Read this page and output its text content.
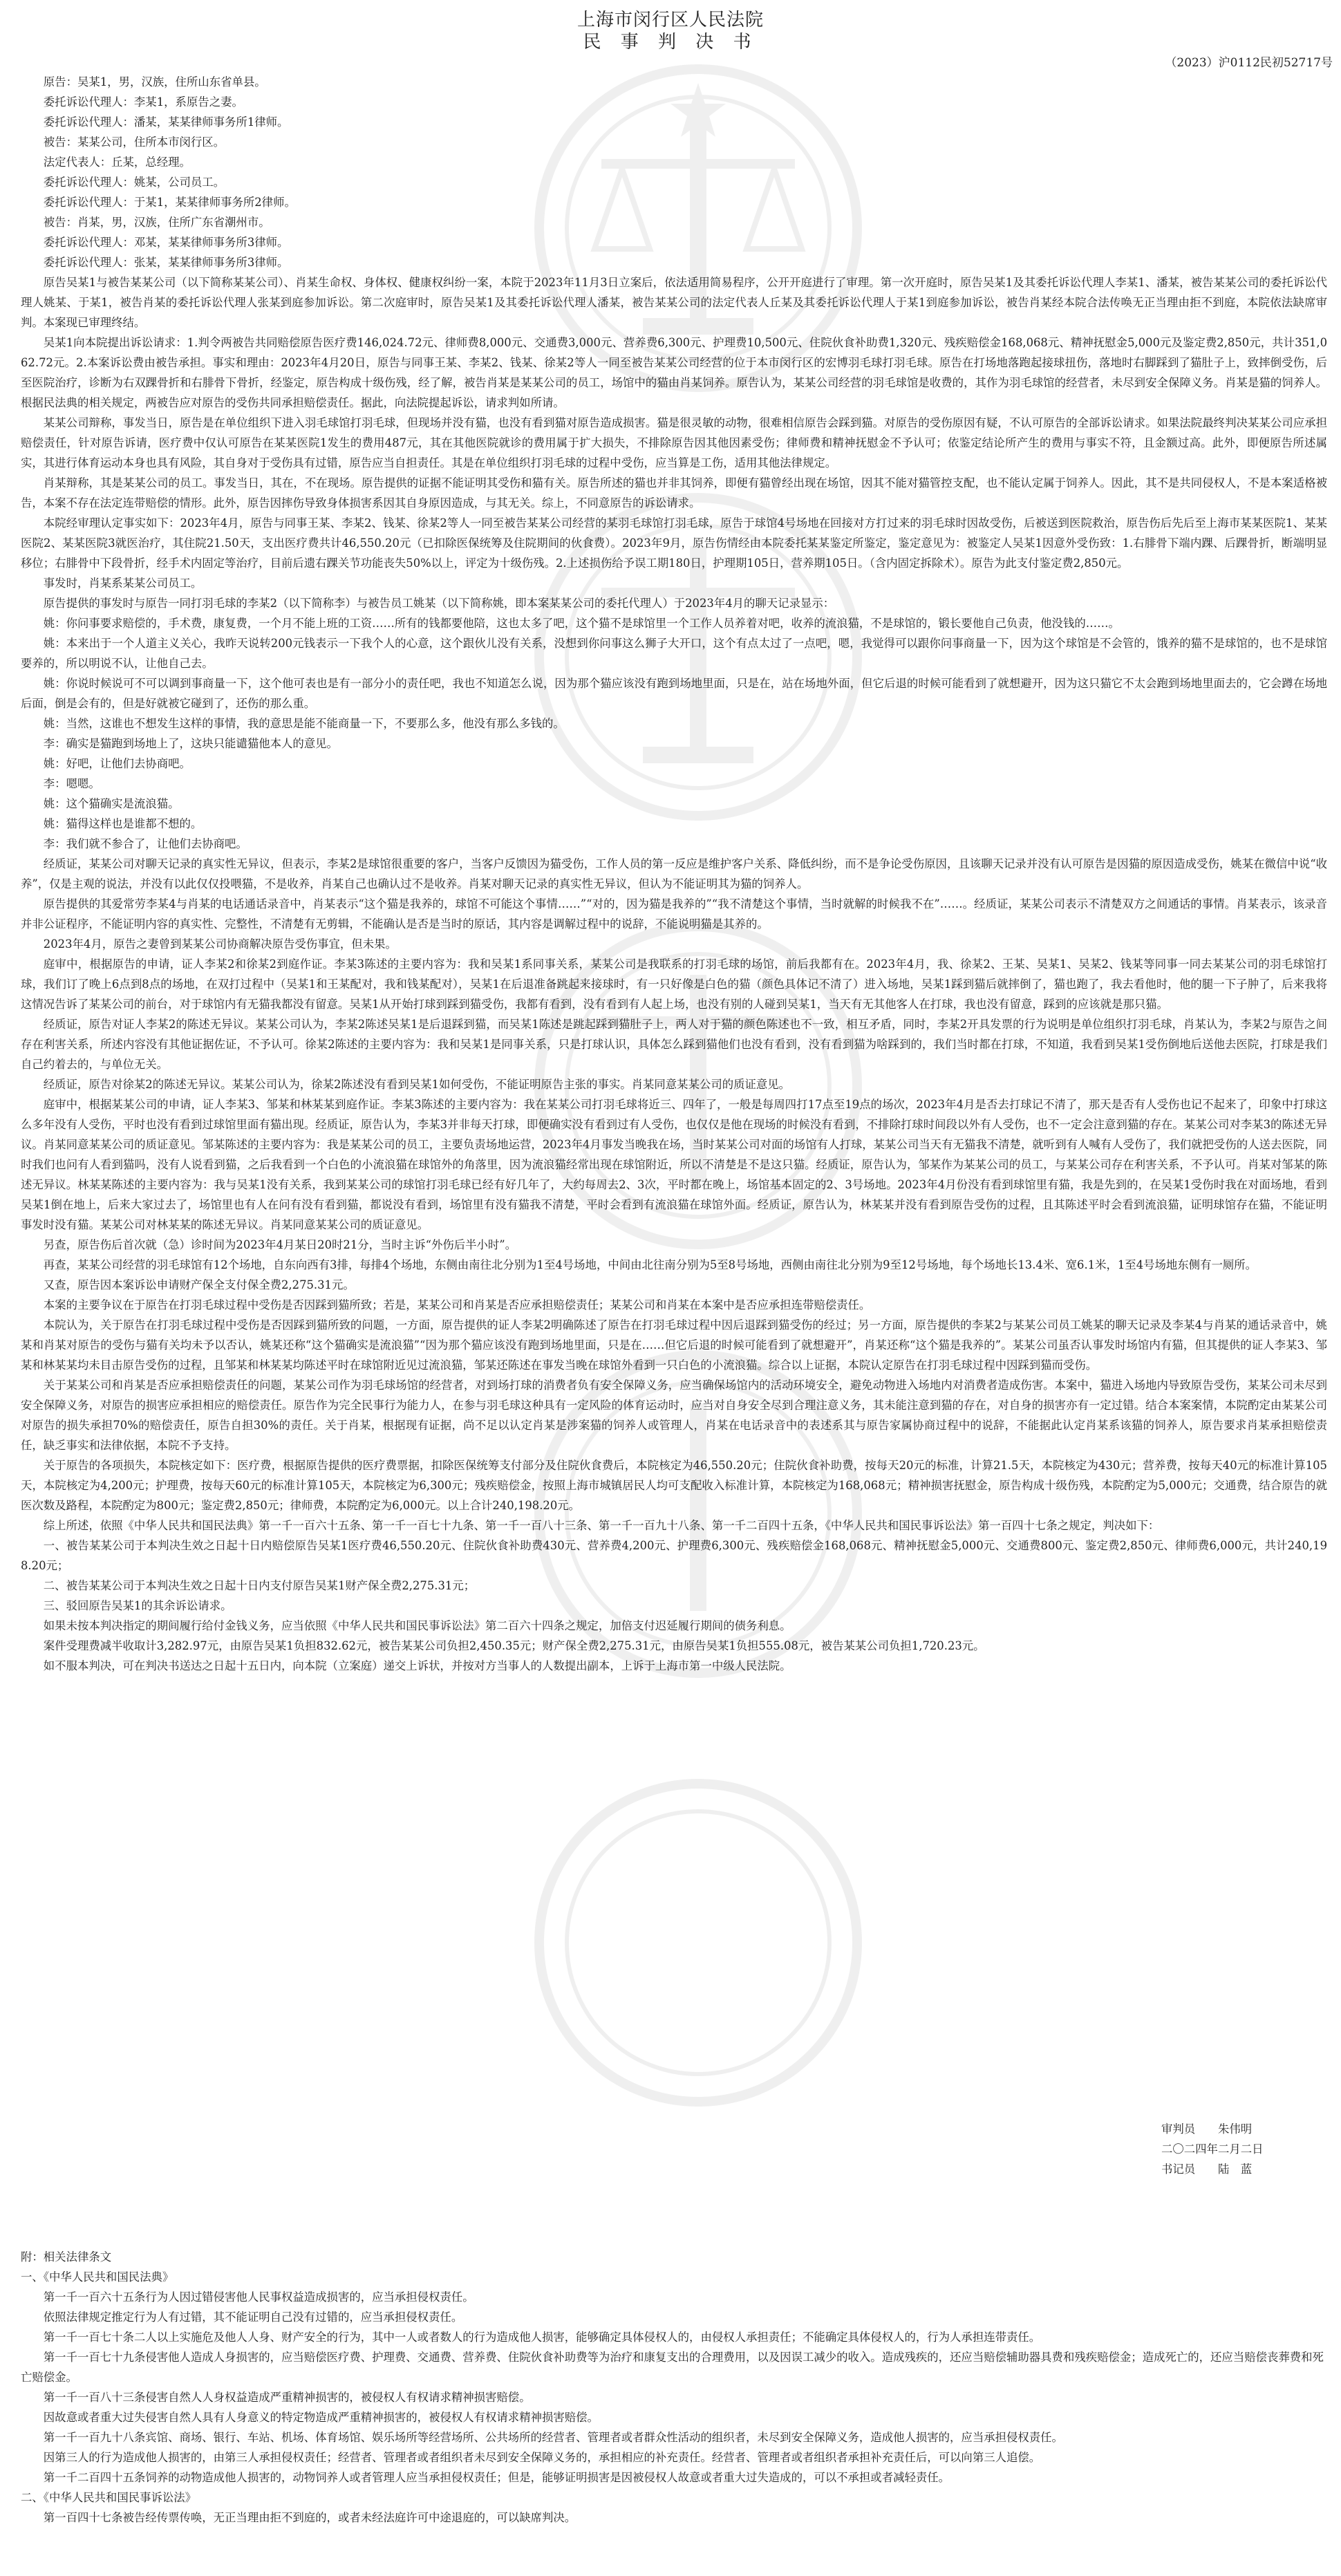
上海市闵行区人民法院
民 事 判 决 书
（2023）沪0112民初52717号

原告：吴某1，男，汉族，住所山东省单县。

委托诉讼代理人：李某1，系原告之妻。

委托诉讼代理人：潘某，某某律师事务所1律师。

被告：某某公司，住所本市闵行区。

法定代表人：丘某，总经理。

委托诉讼代理人：姚某，公司员工。

委托诉讼代理人：于某1，某某律师事务所2律师。

被告：肖某，男，汉族，住所广东省潮州市。

委托诉讼代理人：邓某，某某律师事务所3律师。

委托诉讼代理人：张某，某某律师事务所3律师。

原告吴某1与被告某某公司（以下简称某某公司）、肖某生命权、身体权、健康权纠纷一案，本院于2023年11月3日立案后，依法适用简易程序，公开开庭进行了审理。第一次开庭时，原告吴某1及其委托诉讼代理人李某1、潘某，被告某某公司的委托诉讼代理人姚某、于某1，被告肖某的委托诉讼代理人张某到庭参加诉讼。第二次庭审时，原告吴某1及其委托诉讼代理人潘某，被告某某公司的法定代表人丘某及其委托诉讼代理人于某1到庭参加诉讼，被告肖某经本院合法传唤无正当理由拒不到庭，本院依法缺席审判。本案现已审理终结。

吴某1向本院提出诉讼请求：1.判令两被告共同赔偿原告医疗费146,024.72元、律师费8,000元、交通费3,000元、营养费6,300元、护理费10,500元、住院伙食补助费1,320元、残疾赔偿金168,068元、精神抚慰金5,000元及鉴定费2,850元，共计351,062.72元。2.本案诉讼费由被告承担。事实和理由：2023年4月20日，原告与同事王某、李某2、钱某、徐某2等人一同至被告某某公司经营的位于本市闵行区的宏博羽毛球打羽毛球。原告在打场地落跑起接球扭伤，落地时右脚踩到了猫肚子上，致摔倒受伤，后至医院治疗，诊断为右双踝骨折和右腓骨下骨折，经鉴定，原告构成十级伤残，经了解，被告肖某是某某公司的员工，场馆中的猫由肖某饲养。原告认为，某某公司经营的羽毛球馆是收费的，其作为羽毛球馆的经营者，未尽到安全保障义务。肖某是猫的饲养人。根据民法典的相关规定，两被告应对原告的受伤共同承担赔偿责任。据此，向法院提起诉讼，请求判如所请。

某某公司辩称，事发当日，原告是在单位组织下进入羽毛球馆打羽毛球，但现场并没有猫，也没有看到猫对原告造成损害。猫是很灵敏的动物，很难相信原告会踩到猫。对原告的受伤原因有疑，不认可原告的全部诉讼请求。如果法院最终判决某某公司应承担赔偿责任，针对原告诉请，医疗费中仅认可原告在某某医院1发生的费用487元，其在其他医院就诊的费用属于扩大损失，不排除原告因其他因素受伤；律师费和精神抚慰金不予认可；依鉴定结论所产生的费用与事实不符，且金额过高。此外，即便原告所述属实，其进行体育运动本身也具有风险，其自身对于受伤具有过错，原告应当自担责任。其是在单位组织打羽毛球的过程中受伤，应当算是工伤，适用其他法律规定。

肖某辩称，其是某某公司的员工。事发当日，其在，不在现场。原告提供的证据不能证明其受伤和猫有关。原告所述的猫也并非其饲养，即便有猫曾经出现在场馆，因其不能对猫管控支配，也不能认定属于饲养人。因此，其不是共同侵权人，不是本案适格被告，本案不存在法定连带赔偿的情形。此外，原告因摔伤导致身体损害系因其自身原因造成，与其无关。综上，不同意原告的诉讼请求。

本院经审理认定事实如下：2023年4月，原告与同事王某、李某2、钱某、徐某2等人一同至被告某某公司经营的某羽毛球馆打羽毛球，原告于球馆4号场地在回接对方打过来的羽毛球时因故受伤，后被送到医院救治，原告伤后先后至上海市某某医院1、某某医院2、某某医院3就医治疗，其住院21.50天，支出医疗费共计46,550.20元（已扣除医保统筹及住院期间的伙食费）。2023年9月，原告伤情经由本院委托某某鉴定所鉴定，鉴定意见为：被鉴定人吴某1因意外受伤致：1.右腓骨下端内踝、后踝骨折，断端明显移位；右腓骨中下段骨折，经手术内固定等治疗，目前后遗右踝关节功能丧失50%以上，评定为十级伤残。2.上述损伤给予误工期180日，护理期105日，营养期105日。（含内固定拆除术）。原告为此支付鉴定费2,850元。

事发时，肖某系某某公司员工。

原告提供的事发时与原告一同打羽毛球的李某2（以下简称李）与被告员工姚某（以下简称姚，即本案某某公司的委托代理人）于2023年4月的聊天记录显示：

姚：你问事要求赔偿的，手术费，康复费，一个月不能上班的工资……所有的钱都要他陪，这也太多了吧，这个猫不是球馆里一个工作人员养着对吧，收养的流浪猫，不是球馆的，锻长要他自己负责，他没钱的……。

姚：本来出于一个人道主义关心，我昨天说转200元钱表示一下我个人的心意，这个跟伙儿没有关系，没想到你问事这么狮子大开口，这个有点太过了一点吧，嗯，我觉得可以跟你问事商量一下，因为这个球馆是不会管的，饿养的猫不是球馆的，也不是球馆要养的，所以明说不认，让他自己去。

姚：你说时候说可不可以调到事商量一下，这个他可表也是有一部分小的责任吧，我也不知道怎么说，因为那个猫应该没有跑到场地里面，只是在，站在场地外面，但它后退的时候可能看到了就想避开，因为这只猫它不太会跑到场地里面去的，它会蹲在场地后面，倒是会有的，但是好就被它碰到了，还伤的那么重。

姚：当然，这谁也不想发生这样的事情，我的意思是能不能商量一下，不要那么多，他没有那么多钱的。

李：确实是猫跑到场地上了，这块只能谴猫他本人的意见。

姚：好吧，让他们去协商吧。

李：嗯嗯。

姚：这个猫确实是流浪猫。

姚：猫得这样也是谁都不想的。

李：我们就不参合了，让他们去协商吧。

经质证，某某公司对聊天记录的真实性无异议，但表示，李某2是球馆很重要的客户，当客户反馈因为猫受伤，工作人员的第一反应是维护客户关系、降低纠纷，而不是争论受伤原因，且该聊天记录并没有认可原告是因猫的原因造成受伤，姚某在微信中说“收养”，仅是主观的说法，并没有以此仅仅投喂猫，不是收养，肖某自己也确认过不是收养。肖某对聊天记录的真实性无异议，但认为不能证明其为猫的饲养人。

原告提供的其爱常劳李某4与肖某的电话通话录音中，肖某表示“这个猫是我养的，球馆不可能这个事情……”“对的，因为猫是我养的”“我不清楚这个事情，当时就解的时候我不在”……。经质证，某某公司表示不清楚双方之间通话的事情。肖某表示，该录音并非公证程序，不能证明内容的真实性、完整性，不清楚有无剪辑，不能确认是否是当时的原话，其内容是调解过程中的说辞，不能说明猫是其养的。

2023年4月，原告之妻曾到某某公司协商解决原告受伤事宜，但未果。

庭审中，根据原告的申请，证人李某2和徐某2到庭作证。李某3陈述的主要内容为：我和吴某1系同事关系，某某公司是我联系的打羽毛球的场馆，前后我都有在。2023年4月，我、徐某2、王某、吴某1、吴某2、钱某等同事一同去某某公司的羽毛球馆打球，我们订了晚上6点到8点的场地，在双打过程中（吴某1和王某配对，我和钱某配对），吴某1在后退准备跳起来接球时，有一只好像是白色的猫（颜色具体记不清了）进入场地，吴某1踩到猫后就摔倒了，猫也跑了，我去看他时，他的腿一下子肿了，后来我将这情况告诉了某某公司的前台，对于球馆内有无猫我都没有留意。吴某1从开始打球到踩到猫受伤，我都有看到，没有看到有人起上场，也没有别的人碰到吴某1，当天有无其他客人在打球，我也没有留意，踩到的应该就是那只猫。

经质证，原告对证人李某2的陈述无异议。某某公司认为，李某2陈述吴某1是后退踩到猫，而吴某1陈述是跳起踩到猫肚子上，两人对于猫的颜色陈述也不一致，相互矛盾，同时，李某2开具发票的行为说明是单位组织打羽毛球，肖某认为，李某2与原告之间存在利害关系，所述内容没有其他证据佐证，不予认可。徐某2陈述的主要内容为：我和吴某1是同事关系，只是打球认识，具体怎么踩到猫他们也没有看到，没有看到猫为啥踩到的，我们当时都在打球，不知道，我看到吴某1受伤倒地后送他去医院，打球是我们自己约着去的，与单位无关。

经质证，原告对徐某2的陈述无异议。某某公司认为，徐某2陈述没有看到吴某1如何受伤，不能证明原告主张的事实。肖某同意某某公司的质证意见。

庭审中，根据某某公司的申请，证人李某3、邹某和林某某到庭作证。李某3陈述的主要内容为：我在某某公司打羽毛球将近三、四年了，一般是每周四打17点至19点的场次，2023年4月是否去打球记不清了，那天是否有人受伤也记不起来了，印象中打球这么多年没有人受伤，平时也没有看到过球馆里面有猫出现。经质证，原告认为，李某3并非每天打球，即便确实没有看到过有人受伤，也仅仅是他在现场的时候没有看到，不排除打球时间段以外有人受伤，也不一定会注意到猫的存在。某某公司对李某3的陈述无异议。肖某同意某某公司的质证意见。邹某陈述的主要内容为：我是某某公司的员工，主要负责场地运营，2023年4月事发当晚我在场，当时某某公司对面的场馆有人打球，某某公司当天有无猫我不清楚，就听到有人喊有人受伤了，我们就把受伤的人送去医院，同时我们也问有人看到猫吗，没有人说看到猫，之后我看到一个白色的小流浪猫在球馆外的角落里，因为流浪猫经常出现在球馆附近，所以不清楚是不是这只猫。经质证，原告认为，邹某作为某某公司的员工，与某某公司存在利害关系，不予认可。肖某对邹某的陈述无异议。林某某陈述的主要内容为：我与吴某1没有关系，我到某某公司的球馆打羽毛球已经有好几年了，大约每周去2、3次，平时都在晚上，场馆基本固定的2、3号场地。2023年4月份没有看到球馆里有猫，我是先到的，在吴某1受伤时我在对面场地，看到吴某1倒在地上，后来大家过去了，场馆里也有人在问有没有看到猫，都说没有看到，场馆里有没有猫我不清楚，平时会看到有流浪猫在球馆外面。经质证，原告认为，林某某并没有看到原告受伤的过程，且其陈述平时会看到流浪猫，证明球馆存在猫，不能证明事发时没有猫。某某公司对林某某的陈述无异议。肖某同意某某公司的质证意见。

另查，原告伤后首次就（急）诊时间为2023年4月某日20时21分，当时主诉“外伤后半小时”。

再查，某某公司经营的羽毛球馆有12个场地，自东向西有3排，每排4个场地，东侧由南往北分别为1至4号场地，中间由北往南分别为5至8号场地，西侧由南往北分别为9至12号场地，每个场地长13.4米、宽6.1米，1至4号场地东侧有一厕所。

又查，原告因本案诉讼申请财产保全支付保全费2,275.31元。

本案的主要争议在于原告在打羽毛球过程中受伤是否因踩到猫所致；若是，某某公司和肖某是否应承担赔偿责任；某某公司和肖某在本案中是否应承担连带赔偿责任。

本院认为，关于原告在打羽毛球过程中受伤是否因踩到猫所致的问题，一方面，原告提供的证人李某2明确陈述了原告在打羽毛球过程中因后退踩到猫受伤的经过；另一方面，原告提供的李某2与某某公司员工姚某的聊天记录及李某4与肖某的通话录音中，姚某和肖某对原告的受伤与猫有关均未予以否认，姚某还称“这个猫确实是流浪猫”“因为那个猫应该没有跑到场地里面，只是在……但它后退的时候可能看到了就想避开”，肖某还称“这个猫是我养的”。某某公司虽否认事发时场馆内有猫，但其提供的证人李某3、邹某和林某某均未目击原告受伤的过程，且邹某和林某某均陈述平时在球馆附近见过流浪猫，邹某还陈述在事发当晚在球馆外看到一只白色的小流浪猫。综合以上证据，本院认定原告在打羽毛球过程中因踩到猫而受伤。

关于某某公司和肖某是否应承担赔偿责任的问题，某某公司作为羽毛球场馆的经营者，对到场打球的消费者负有安全保障义务，应当确保场馆内的活动环境安全，避免动物进入场地内对消费者造成伤害。本案中，猫进入场地内导致原告受伤，某某公司未尽到安全保障义务，对原告的损害应承担相应的赔偿责任。原告作为完全民事行为能力人，在参与羽毛球这种具有一定风险的体育运动时，应当对自身安全尽到合理注意义务，其未能注意到猫的存在，对自身的损害亦有一定过错。结合本案案情，本院酌定由某某公司对原告的损失承担70%的赔偿责任，原告自担30%的责任。关于肖某，根据现有证据，尚不足以认定肖某是涉案猫的饲养人或管理人，肖某在电话录音中的表述系其与原告家属协商过程中的说辞，不能据此认定肖某系该猫的饲养人，原告要求肖某承担赔偿责任，缺乏事实和法律依据，本院不予支持。

关于原告的各项损失，本院核定如下：医疗费，根据原告提供的医疗费票据，扣除医保统筹支付部分及住院伙食费后，本院核定为46,550.20元；住院伙食补助费，按每天20元的标准，计算21.5天，本院核定为430元；营养费，按每天40元的标准计算105天，本院核定为4,200元；护理费，按每天60元的标准计算105天，本院核定为6,300元；残疾赔偿金，按照上海市城镇居民人均可支配收入标准计算，本院核定为168,068元；精神损害抚慰金，原告构成十级伤残，本院酌定为5,000元；交通费，结合原告的就医次数及路程，本院酌定为800元；鉴定费2,850元；律师费，本院酌定为6,000元。以上合计240,198.20元。

综上所述，依照《中华人民共和国民法典》第一千一百六十五条、第一千一百七十九条、第一千一百八十三条、第一千一百九十八条、第一千二百四十五条，《中华人民共和国民事诉讼法》第一百四十七条之规定，判决如下：

一、被告某某公司于本判决生效之日起十日内赔偿原告吴某1医疗费46,550.20元、住院伙食补助费430元、营养费4,200元、护理费6,300元、残疾赔偿金168,068元、精神抚慰金5,000元、交通费800元、鉴定费2,850元、律师费6,000元，共计240,198.20元；

二、被告某某公司于本判决生效之日起十日内支付原告吴某1财产保全费2,275.31元；

三、驳回原告吴某1的其余诉讼请求。

如果未按本判决指定的期间履行给付金钱义务，应当依照《中华人民共和国民事诉讼法》第二百六十四条之规定，加倍支付迟延履行期间的债务利息。

案件受理费减半收取计3,282.97元，由原告吴某1负担832.62元，被告某某公司负担2,450.35元；财产保全费2,275.31元，由原告吴某1负担555.08元，被告某某公司负担1,720.23元。

如不服本判决，可在判决书送达之日起十五日内，向本院（立案庭）递交上诉状，并按对方当事人的人数提出副本，上诉于上海市第一中级人民法院。

审判员　　朱伟明
二〇二四年二月二日
书记员　　陆　蓝

附：相关法律条文

一、《中华人民共和国民法典》

第一千一百六十五条行为人因过错侵害他人民事权益造成损害的，应当承担侵权责任。

依照法律规定推定行为人有过错，其不能证明自己没有过错的，应当承担侵权责任。

第一千一百七十条二人以上实施危及他人人身、财产安全的行为，其中一人或者数人的行为造成他人损害，能够确定具体侵权人的，由侵权人承担责任；不能确定具体侵权人的，行为人承担连带责任。

第一千一百七十九条侵害他人造成人身损害的，应当赔偿医疗费、护理费、交通费、营养费、住院伙食补助费等为治疗和康复支出的合理费用，以及因误工减少的收入。造成残疾的，还应当赔偿辅助器具费和残疾赔偿金；造成死亡的，还应当赔偿丧葬费和死亡赔偿金。

第一千一百八十三条侵害自然人人身权益造成严重精神损害的，被侵权人有权请求精神损害赔偿。

因故意或者重大过失侵害自然人具有人身意义的特定物造成严重精神损害的，被侵权人有权请求精神损害赔偿。

第一千一百九十八条宾馆、商场、银行、车站、机场、体育场馆、娱乐场所等经营场所、公共场所的经营者、管理者或者群众性活动的组织者，未尽到安全保障义务，造成他人损害的，应当承担侵权责任。

因第三人的行为造成他人损害的，由第三人承担侵权责任；经营者、管理者或者组织者未尽到安全保障义务的，承担相应的补充责任。经营者、管理者或者组织者承担补充责任后，可以向第三人追偿。

第一千二百四十五条饲养的动物造成他人损害的，动物饲养人或者管理人应当承担侵权责任；但是，能够证明损害是因被侵权人故意或者重大过失造成的，可以不承担或者减轻责任。

二、《中华人民共和国民事诉讼法》

第一百四十七条被告经传票传唤，无正当理由拒不到庭的，或者未经法庭许可中途退庭的，可以缺席判决。
